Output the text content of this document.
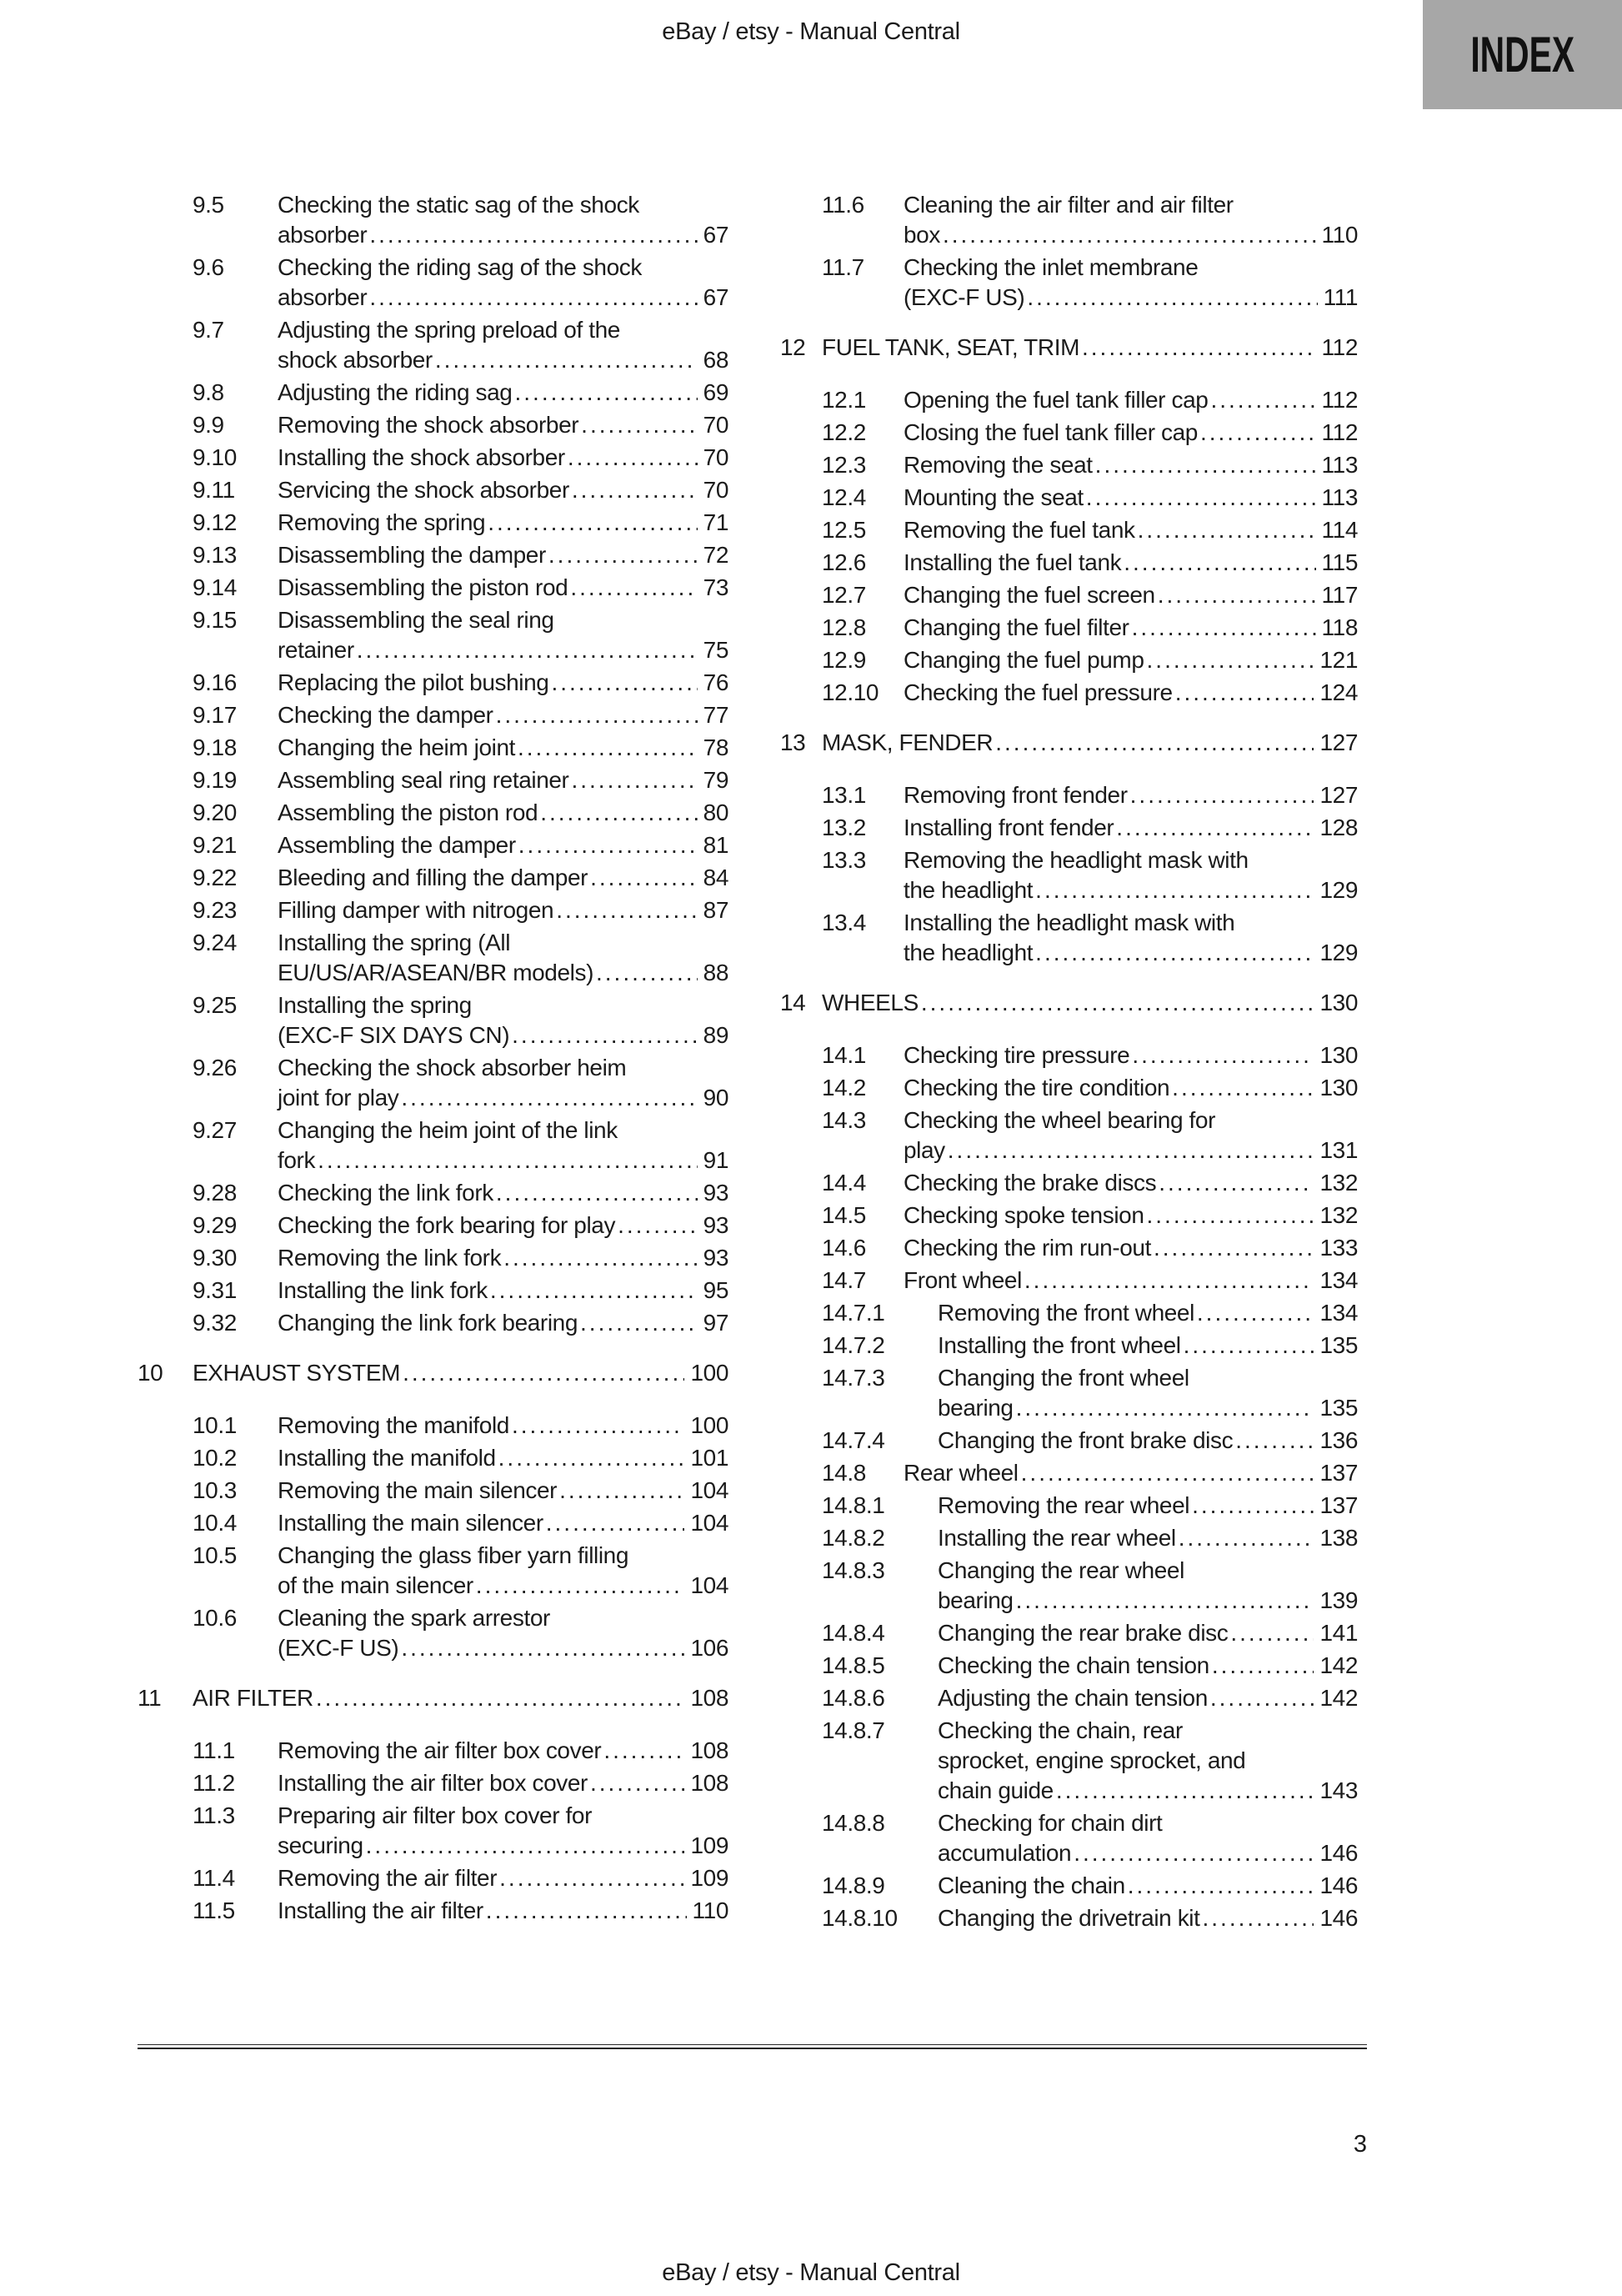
eBay / etsy - Manual Central	INDEX
9.5	Checking the static sag of the shock
absorber .....	67
9.6	Checking the riding sag of the shock
absorber .....	67
9.7	Adjusting the spring preload of the
shock absorber .....	68
9.8	Adjusting the riding sag .....	69
9.9	Removing the shock absorber .....	70
9.10	Installing the shock absorber .....	70
9.11	Servicing the shock absorber .....	70
9.12	Removing the spring .....	71
9.13	Disassembling the damper .....	72
9.14	Disassembling the piston rod .....	73
9.15	Disassembling the seal ring
retainer .....	75
9.16	Replacing the pilot bushing .....	76
9.17	Checking the damper .....	77
9.18	Changing the heim joint .....	78
9.19	Assembling seal ring retainer .....	79
9.20	Assembling the piston rod .....	80
9.21	Assembling the damper .....	81
9.22	Bleeding and filling the damper .....	84
9.23	Filling damper with nitrogen .....	87
9.24	Installing the spring (All
EU/US/AR/ASEAN/BR models) .....	88
9.25	Installing the spring
(EXC-F SIX DAYS CN) .....	89
9.26	Checking the shock absorber heim
joint for play .....	90
9.27	Changing the heim joint of the link
fork .....	91
9.28	Checking the link fork .....	93
9.29	Checking the fork bearing for play .....	93
9.30	Removing the link fork .....	93
9.31	Installing the link fork .....	95
9.32	Changing the link fork bearing .....	97
10	EXHAUST SYSTEM .....	100
10.1	Removing the manifold .....	100
10.2	Installing the manifold .....	101
10.3	Removing the main silencer .....	104
10.4	Installing the main silencer .....	104
10.5	Changing the glass fiber yarn filling
of the main silencer .....	104
10.6	Cleaning the spark arrestor
(EXC-F US) .....	106
11	AIR FILTER .....	108
11.1	Removing the air filter box cover .....	108
11.2	Installing the air filter box cover .....	108
11.3	Preparing air filter box cover for
securing .....	109
11.4	Removing the air filter .....	109
11.5	Installing the air filter .....	110
11.6	Cleaning the air filter and air filter
box .....	110
11.7	Checking the inlet membrane
(EXC-F US) .....	111
12 FUEL TANK, SEAT, TRIM .....	112
12.1	Opening the fuel tank filler cap .....	112
12.2	Closing the fuel tank filler cap .....	112
12.3	Removing the seat .....	113
12.4	Mounting the seat .....	113
12.5	Removing the fuel tank .....	114
12.6	Installing the fuel tank .....	115
12.7	Changing the fuel screen .....	117
12.8	Changing the fuel filter .....	118
12.9	Changing the fuel pump .....	121
12.10	Checking the fuel pressure .....	124
13 MASK, FENDER .....	127
13.1	Removing front fender .....	127
13.2	Installing front fender .....	128
13.3	Removing the headlight mask with
the headlight .....	129
13.4	Installing the headlight mask with
the headlight .....	129
14 WHEELS .....	130
14.1	Checking tire pressure .....	130
14.2	Checking the tire condition .....	130
14.3	Checking the wheel bearing for
play .....	131
14.4	Checking the brake discs .....	132
14.5	Checking spoke tension .....	132
14.6	Checking the rim run-out .....	133
14.7	Front wheel .....	134
14.7.1	Removing the front wheel .....	134
14.7.2	Installing the front wheel .....	135
14.7.3	Changing the front wheel
bearing .....	135
14.7.4	Changing the front brake disc .....	136
14.8	Rear wheel .....	137
14.8.1	Removing the rear wheel .....	137
14.8.2	Installing the rear wheel .....	138
14.8.3	Changing the rear wheel
bearing .....	139
14.8.4	Changing the rear brake disc .....	141
14.8.5	Checking the chain tension .....	142
14.8.6	Adjusting the chain tension .....	142
14.8.7	Checking the chain, rear
sprocket, engine sprocket, and
chain guide .....	143
14.8.8	Checking for chain dirt
accumulation .....	146
14.8.9	Cleaning the chain .....	146
14.8.10	Changing the drivetrain kit .....	146
3
eBay / etsy - Manual Central
